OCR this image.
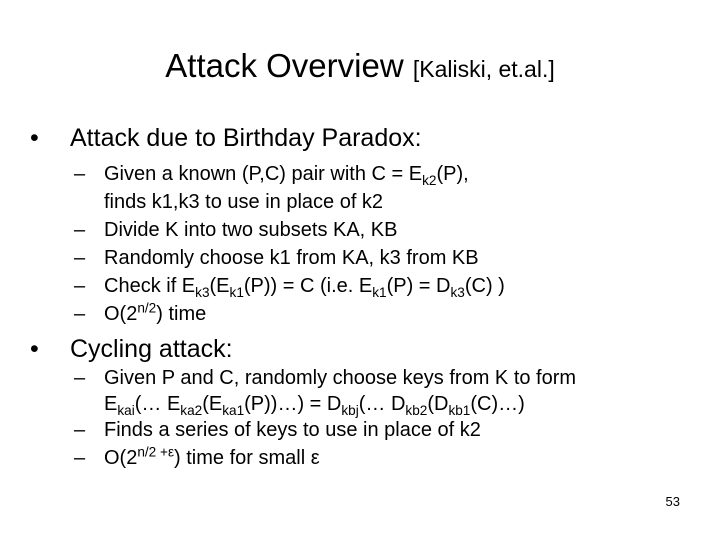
Attack Overview [Kaliski, et.al.]
•	Attack due to Birthday Paradox:
– Given a known (P,C) pair with $C = E_{k2}(P)$,
finds k1,k3 to use in place of k2
– Divide K into two subsets KA, KB
– Randomly choose k1 from KA, k3 from KB
– Check if $E_{k3}(E_{k1}(P)) = C$ (i.e. $E_{k1}(P) = D_{k3}(C)$ )
– $O(2^{n/2})$ time
•	Cycling attack:
– Given P and C, randomly choose keys from K to form
$E_{kai}(\dots$ $E_{ka2}(E_{ka1}(P))\dots$) = $D_{kbj}(\dots$ $D_{kb2}(D_{kb1}(C)\dots)$
– Finds a series of keys to use in place of k2
– $O(2^{n/2 +\varepsilon})$ time for small ε
53
